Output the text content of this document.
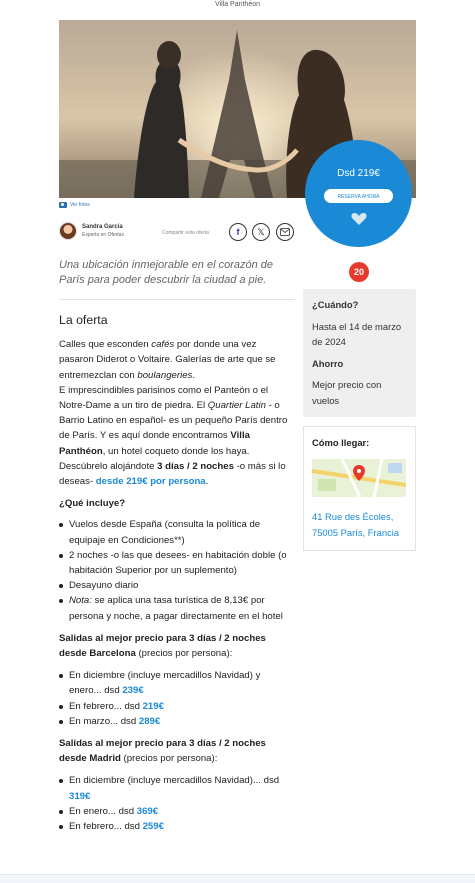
Villa Panthéon
Ver fotos
Dsd 219€
RESERVA AHORA
Sandra García
Experta en Ofertas	Compartir esta oferta	f 𝕏
Una ubicación inmejorable en el corazón de París para poder descubrir la ciudad a pie.
20
La oferta

Calles que esconden cafés por donde una vez pasaron Diderot o Voltaire. Galerías de arte que se entremezclan con boulangeries.

E imprescindibles parisinos como el Panteón o el Notre-Dame a un tiro de piedra. El Quartier Latin - o Barrio Latino en español- es un pequeño París dentro de París. Y es aquí donde encontramos Villa Panthéon, un hotel coqueto donde los haya. Descúbrelo alojándote 3 días / 2 noches -o más si lo deseas- desde 219€ por persona.

¿Qué incluye?
Vuelos desde España (consulta la política de equipaje en Condiciones**)
2 noches -o las que desees- en habitación doble (o habitación Superior por un suplemento)
Desayuno diario
Nota: se aplica una tasa turística de 8,13€ por persona y noche, a pagar directamente en el hotel

Salidas al mejor precio para 3 días / 2 noches desde Barcelona (precios por persona):

En diciembre (incluye mercadillos Navidad) y enero... dsd 239€
En febrero... dsd 219€
En marzo... dsd 289€

Salidas al mejor precio para 3 días / 2 noches desde Madrid (precios por persona):

En diciembre (incluye mercadillos Navidad)... dsd 319€
En enero... dsd 369€
En febrero... dsd 259€
¿Cuándo?
Hasta el 14 de marzo de 2024
Ahorro
Mejor precio con vuelos
Cómo llegar:
41 Rue des Écoles, 75005 París, Francia
